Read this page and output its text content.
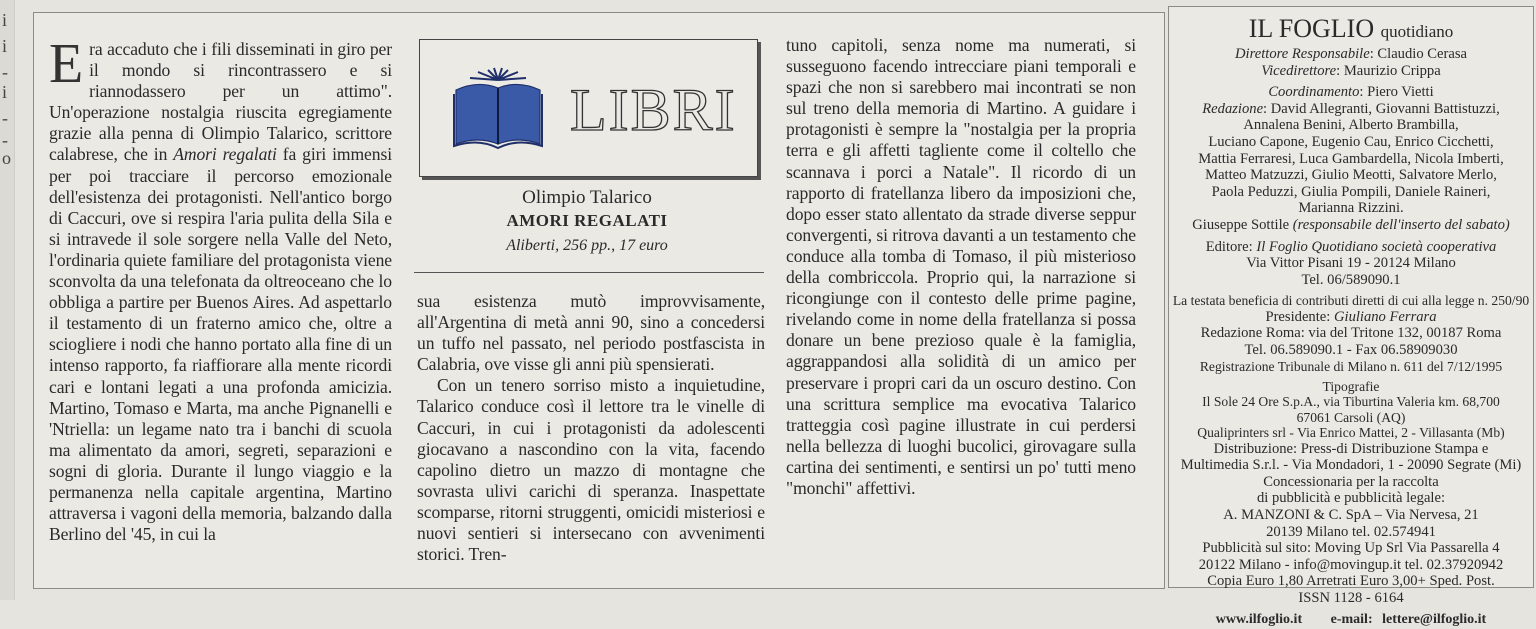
i
i
-
i
-
-
o

Era accaduto che i fili disseminati in giro per il mondo si rincontrassero e si riannodassero per un attimo". Un'operazione nostalgia riuscita egregiamente grazie alla penna di Olimpio Talarico, scrittore calabrese, che in Amori regalati fa giri immensi per poi tracciare il percorso emozionale dell'esistenza dei protagonisti. Nell'antico borgo di Caccuri, ove si respira l'aria pulita della Sila e si intravede il sole sorgere nella Valle del Neto, l'ordinaria quiete familiare del protagonista viene sconvolta da una telefonata da oltreoceano che lo obbliga a partire per Buenos Aires. Ad aspettarlo il testamento di un fraterno amico che, oltre a sciogliere i nodi che hanno portato alla fine di un intenso rapporto, fa riaffiorare alla mente ricordi cari e lontani legati a una profonda amicizia. Martino, Tomaso e Marta, ma anche Pignanelli e 'Ntriella: un legame nato tra i banchi di scuola ma alimentato da amori, segreti, separazioni e sogni di gloria. Durante il lungo viaggio e la permanenza nella capitale argentina, Martino attraversa i vagoni della memoria, balzando dalla Berlino del '45, in cui la

LIBRI
Olimpio Talarico
AMORI REGALATI
Aliberti, 256 pp., 17 euro

sua esistenza mutò improvvisamente, all'Argentina di metà anni 90, sino a concedersi un tuffo nel passato, nel periodo postfascista in Calabria, ove visse gli anni più spensierati.

Con un tenero sorriso misto a inquietudine, Talarico conduce così il lettore tra le vinelle di Caccuri, in cui i protagonisti da adolescenti giocavano a nascondino con la vita, facendo capolino dietro un mazzo di montagne che sovrasta ulivi carichi di speranza. Inaspettate scomparse, ritorni struggenti, omicidi misteriosi e nuovi sentieri si intersecano con avvenimenti storici. Tren-

tuno capitoli, senza nome ma numerati, si susseguono facendo intrecciare piani temporali e spazi che non si sarebbero mai incontrati se non sul treno della memoria di Martino. A guidare i protagonisti è sempre la "nostalgia per la propria terra e gli affetti tagliente come il coltello che scannava i porci a Natale". Il ricordo di un rapporto di fratellanza libero da imposizioni che, dopo esser stato allentato da strade diverse seppur convergenti, si ritrova davanti a un testamento che conduce alla tomba di Tomaso, il più misterioso della combriccola. Proprio qui, la narrazione si ricongiunge con il contesto delle prime pagine, rivelando come in nome della fratellanza si possa donare un bene prezioso quale è la famiglia, aggrappandosi alla solidità di un amico per preservare i propri cari da un oscuro destino. Con una scrittura semplice ma evocativa Talarico tratteggia così pagine illustrate in cui perdersi nella bellezza di luoghi bucolici, girovagare sulla cartina dei sentimenti, e sentirsi un po' tutti meno "monchi" affettivi.

IL FOGLIO quotidiano
Direttore Responsabile: Claudio Cerasa
Vicedirettore: Maurizio Crippa
Coordinamento: Piero Vietti
Redazione: David Allegranti, Giovanni Battistuzzi,
Annalena Benini, Alberto Brambilla,
Luciano Capone, Eugenio Cau, Enrico Cicchetti,
Mattia Ferraresi, Luca Gambardella, Nicola Imberti,
Matteo Matzuzzi, Giulio Meotti, Salvatore Merlo,
Paola Peduzzi, Giulia Pompili, Daniele Raineri,
Marianna Rizzini.
Giuseppe Sottile (responsabile dell'inserto del sabato)
Editore: Il Foglio Quotidiano società cooperativa
Via Vittor Pisani 19 - 20124 Milano
Tel. 06/589090.1
La testata beneficia di contributi diretti di cui alla legge n. 250/90
Presidente: Giuliano Ferrara
Redazione Roma: via del Tritone 132, 00187 Roma
Tel. 06.589090.1 - Fax 06.58909030
Registrazione Tribunale di Milano n. 611 del 7/12/1995
Tipografie
Il Sole 24 Ore S.p.A., via Tiburtina Valeria km. 68,700
67061 Carsoli (AQ)
Qualiprinters srl - Via Enrico Mattei, 2 - Villasanta (Mb)
Distribuzione: Press-di Distribuzione Stampa e
Multimedia S.r.l. - Via Mondadori, 1 - 20090 Segrate (Mi)
Concessionaria per la raccolta
di pubblicità e pubblicità legale:
A. MANZONI & C. SpA – Via Nervesa, 21
20139 Milano tel. 02.574941
Pubblicità sul sito: Moving Up Srl Via Passarella 4
20122 Milano - info@movingup.it tel. 02.37920942
Copia Euro 1,80 Arretrati Euro 3,00+ Sped. Post.
ISSN 1128 - 6164
www.ilfoglio.it e-mail: lettere@ilfoglio.it
